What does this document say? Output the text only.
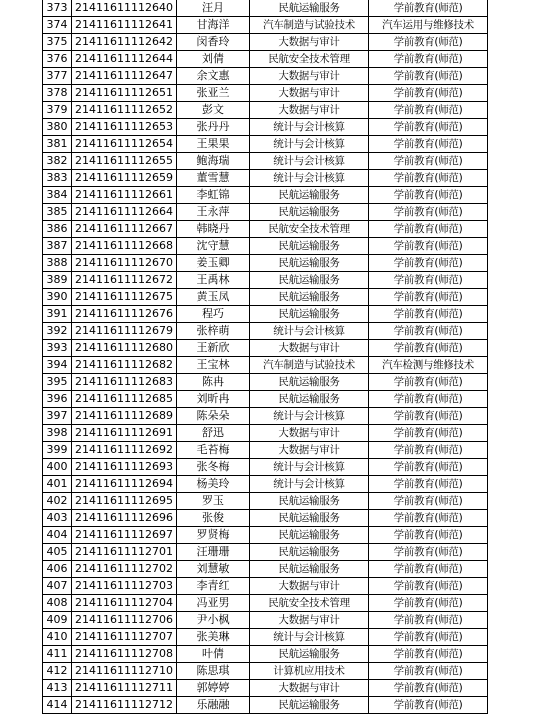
373	21411611112640	汪月	民航运输服务	学前教育(师范)
374	21411611112641	甘海洋	汽车制造与试验技术	汽车运用与维修技术
375	21411611112642	闵香玲	大数据与审计	学前教育(师范)
376	21411611112644	刘倩	民航安全技术管理	学前教育(师范)
377	21411611112647	余文惠	大数据与审计	学前教育(师范)
378	21411611112651	张亚兰	大数据与审计	学前教育(师范)
379	21411611112652	彭文	大数据与审计	学前教育(师范)
380	21411611112653	张丹丹	统计与会计核算	学前教育(师范)
381	21411611112654	王果果	统计与会计核算	学前教育(师范)
382	21411611112655	鲍海瑞	统计与会计核算	学前教育(师范)
383	21411611112659	董雪慧	统计与会计核算	学前教育(师范)
384	21411611112661	李虹锦	民航运输服务	学前教育(师范)
385	21411611112664	王永萍	民航运输服务	学前教育(师范)
386	21411611112667	韩晓丹	民航安全技术管理	学前教育(师范)
387	21411611112668	沈守慧	民航运输服务	学前教育(师范)
388	21411611112670	姜玉卿	民航运输服务	学前教育(师范)
389	21411611112672	王禹林	民航运输服务	学前教育(师范)
390	21411611112675	黄玉凤	民航运输服务	学前教育(师范)
391	21411611112676	程巧	民航运输服务	学前教育(师范)
392	21411611112679	张梓萌	统计与会计核算	学前教育(师范)
393	21411611112680	王新欣	大数据与审计	学前教育(师范)
394	21411611112682	王宝林	汽车制造与试验技术	汽车检测与维修技术
395	21411611112683	陈冉	民航运输服务	学前教育(师范)
396	21411611112685	刘昕冉	民航运输服务	学前教育(师范)
397	21411611112689	陈朵朵	统计与会计核算	学前教育(师范)
398	21411611112691	舒迅	大数据与审计	学前教育(师范)
399	21411611112692	毛苔梅	大数据与审计	学前教育(师范)
400	21411611112693	张冬梅	统计与会计核算	学前教育(师范)
401	21411611112694	杨美玲	统计与会计核算	学前教育(师范)
402	21411611112695	罗玉	民航运输服务	学前教育(师范)
403	21411611112696	张俊	民航运输服务	学前教育(师范)
404	21411611112697	罗贤梅	民航运输服务	学前教育(师范)
405	21411611112701	汪珊珊	民航运输服务	学前教育(师范)
406	21411611112702	刘慧敏	民航运输服务	学前教育(师范)
407	21411611112703	李青红	大数据与审计	学前教育(师范)
408	21411611112704	冯亚男	民航安全技术管理	学前教育(师范)
409	21411611112706	尹小枫	大数据与审计	学前教育(师范)
410	21411611112707	张美琳	统计与会计核算	学前教育(师范)
411	21411611112708	叶倩	民航运输服务	学前教育(师范)
412	21411611112710	陈思琪	计算机应用技术	学前教育(师范)
413	21411611112711	郭婷婷	大数据与审计	学前教育(师范)
414	21411611112712	乐融融	民航运输服务	学前教育(师范)
